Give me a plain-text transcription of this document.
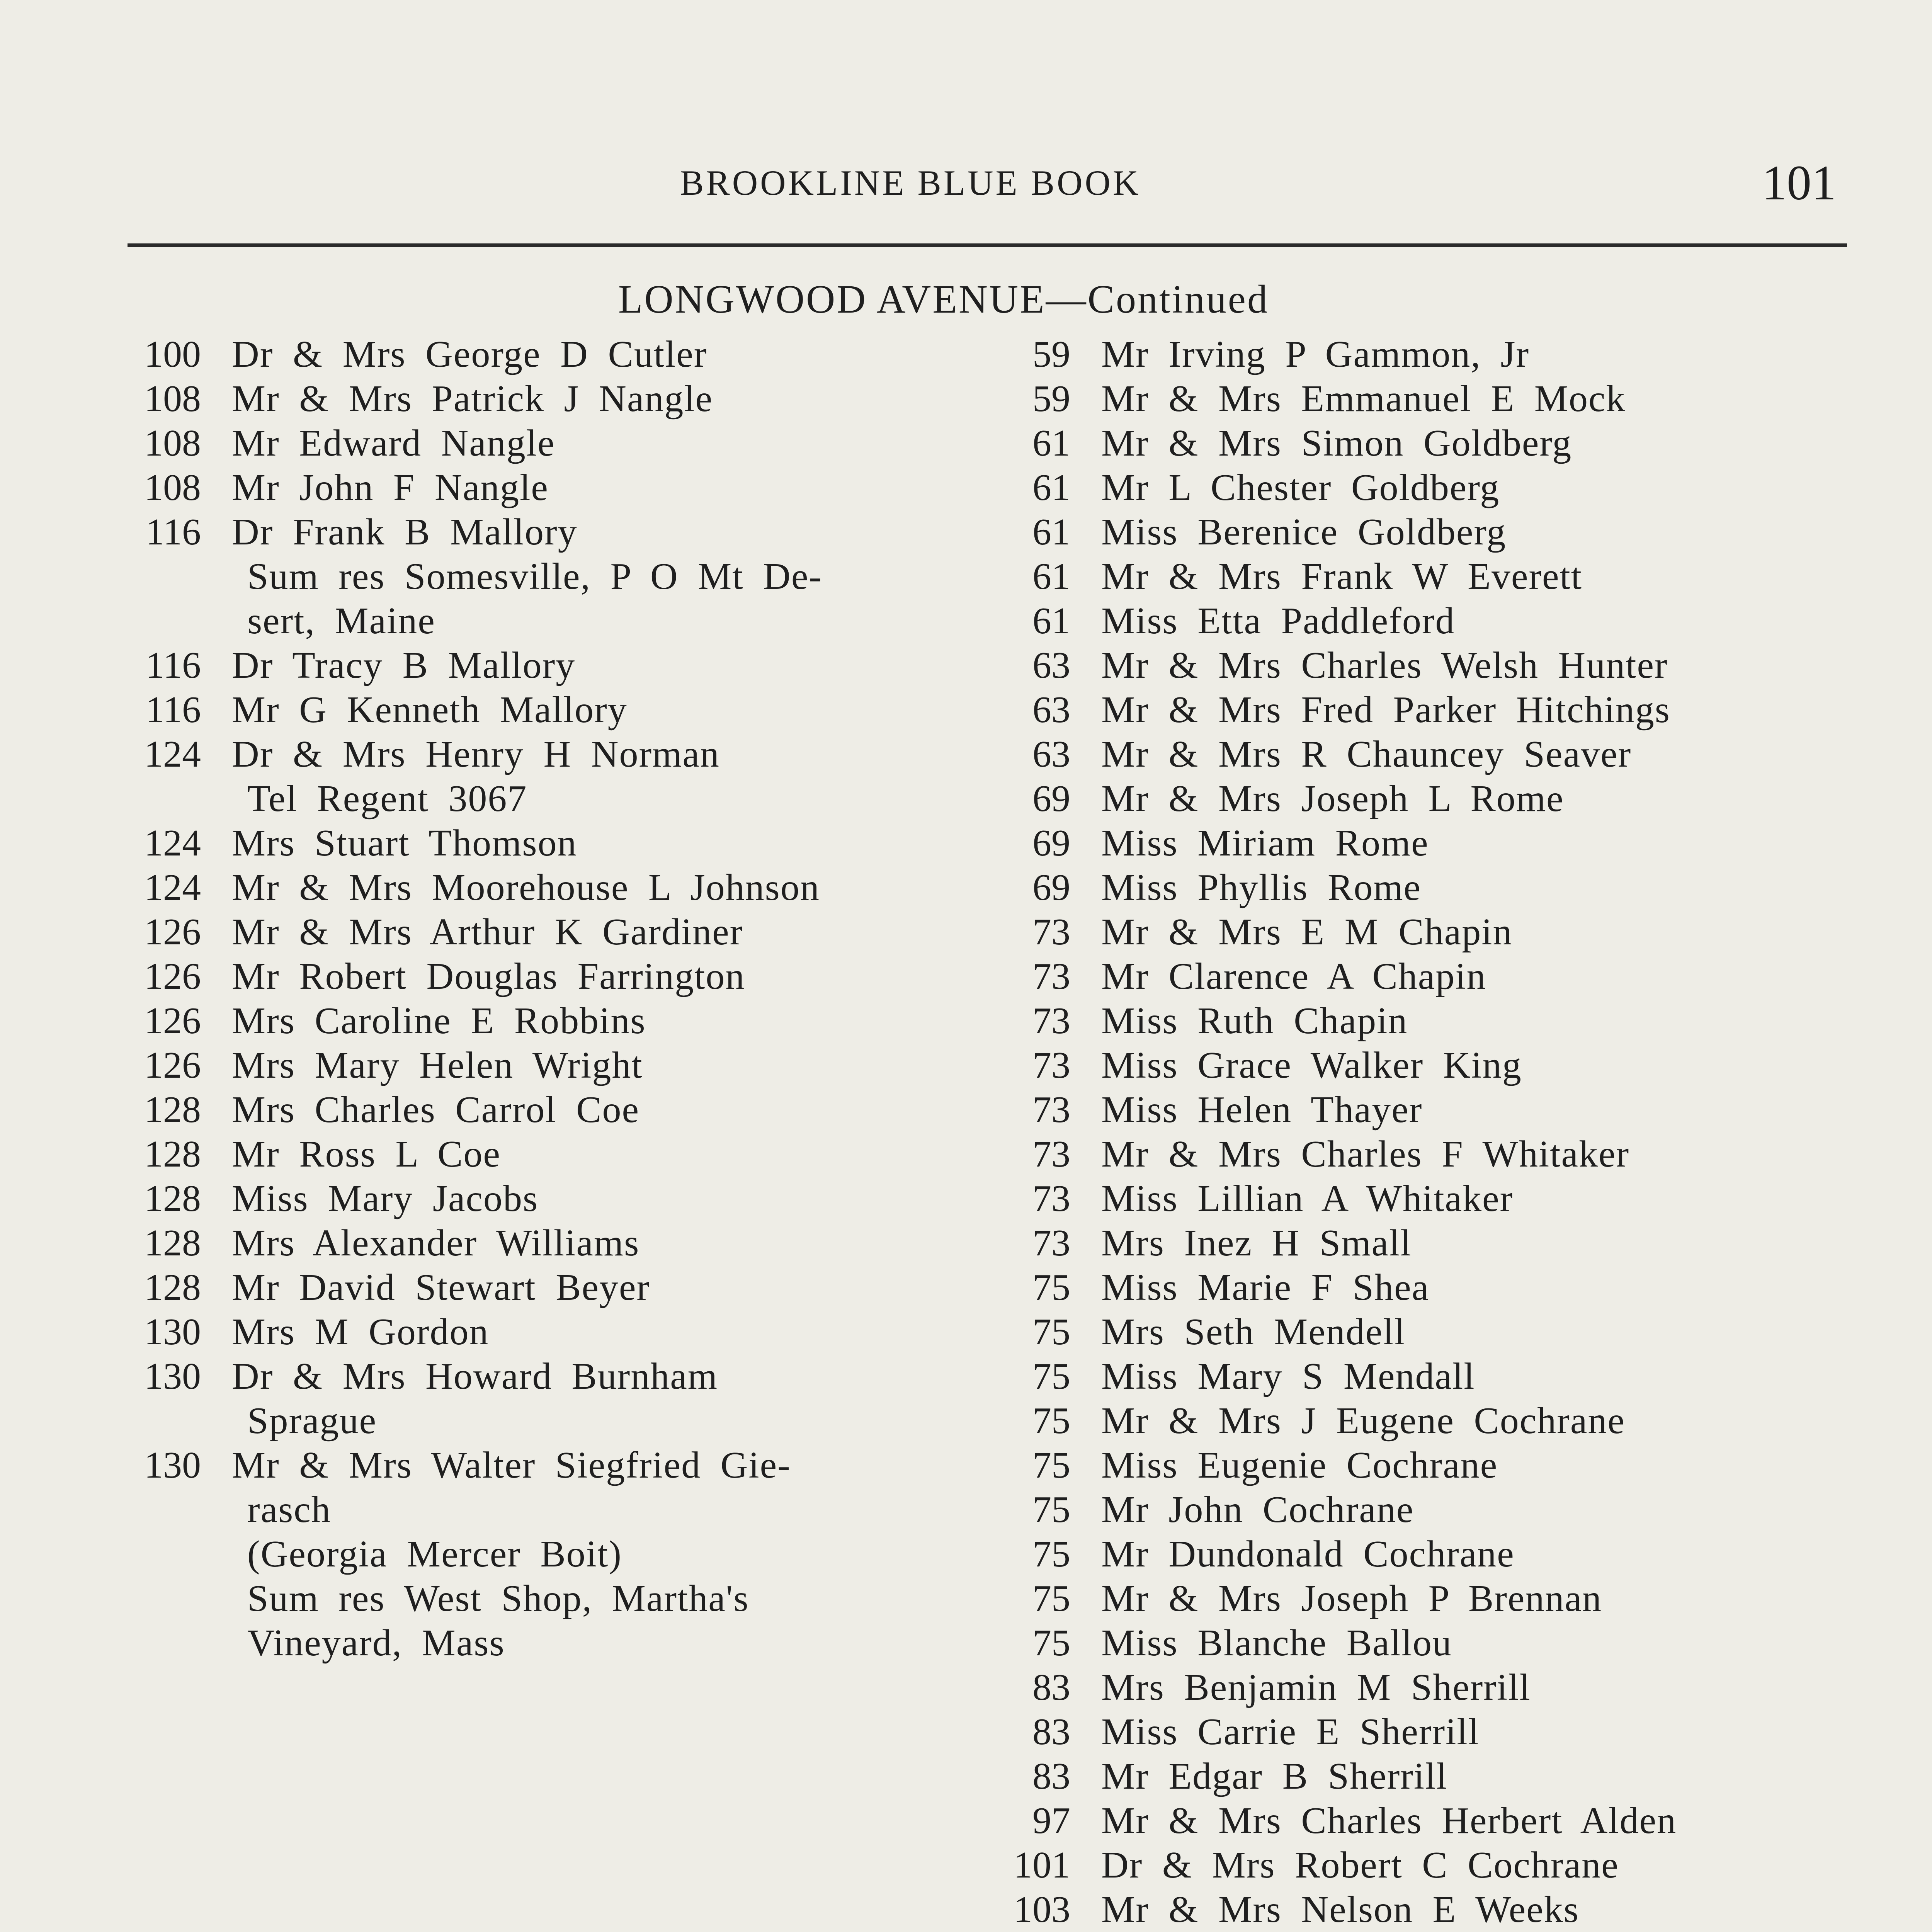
BROOKLINE BLUE BOOK	101
LONGWOOD AVENUE—Continued
100 Dr & Mrs George D Cutler
108 Mr & Mrs Patrick J Nangle
108 Mr Edward Nangle
108 Mr John F Nangle
116 Dr Frank B Mallory
Sum res Somesville, P O Mt De-
sert, Maine
116 Dr Tracy B Mallory
116 Mr G Kenneth Mallory
124 Dr & Mrs Henry H Norman
Tel Regent 3067
124 Mrs Stuart Thomson
124 Mr & Mrs Moorehouse L Johnson
126 Mr & Mrs Arthur K Gardiner
126 Mr Robert Douglas Farrington
126 Mrs Caroline E Robbins
126 Mrs Mary Helen Wright
128 Mrs Charles Carrol Coe
128 Mr Ross L Coe
128 Miss Mary Jacobs
128 Mrs Alexander Williams
128 Mr David Stewart Beyer
130 Mrs M Gordon
130 Dr & Mrs Howard Burnham
Sprague
130 Mr & Mrs Walter Siegfried Gie-
rasch
(Georgia Mercer Boit)
Sum res West Shop, Martha's
Vineyard, Mass
59 Mr Irving P Gammon, Jr
59 Mr & Mrs Emmanuel E Mock
61 Mr & Mrs Simon Goldberg
61 Mr L Chester Goldberg
61 Miss Berenice Goldberg
61 Mr & Mrs Frank W Everett
61 Miss Etta Paddleford
63 Mr & Mrs Charles Welsh Hunter
63 Mr & Mrs Fred Parker Hitchings
63 Mr & Mrs R Chauncey Seaver
69 Mr & Mrs Joseph L Rome
69 Miss Miriam Rome
69 Miss Phyllis Rome
73 Mr & Mrs E M Chapin
73 Mr Clarence A Chapin
73 Miss Ruth Chapin
73 Miss Grace Walker King
73 Miss Helen Thayer
73 Mr & Mrs Charles F Whitaker
73 Miss Lillian A Whitaker
73 Mrs Inez H Small
75 Miss Marie F Shea
75 Mrs Seth Mendell
75 Miss Mary S Mendall
75 Mr & Mrs J Eugene Cochrane
75 Miss Eugenie Cochrane
75 Mr John Cochrane
75 Mr Dundonald Cochrane
75 Mr & Mrs Joseph P Brennan
75 Miss Blanche Ballou
83 Mrs Benjamin M Sherrill
83 Miss Carrie E Sherrill
83 Mr Edgar B Sherrill
97 Mr & Mrs Charles Herbert Alden
101 Dr & Mrs Robert C Cochrane
103 Mr & Mrs Nelson E Weeks
